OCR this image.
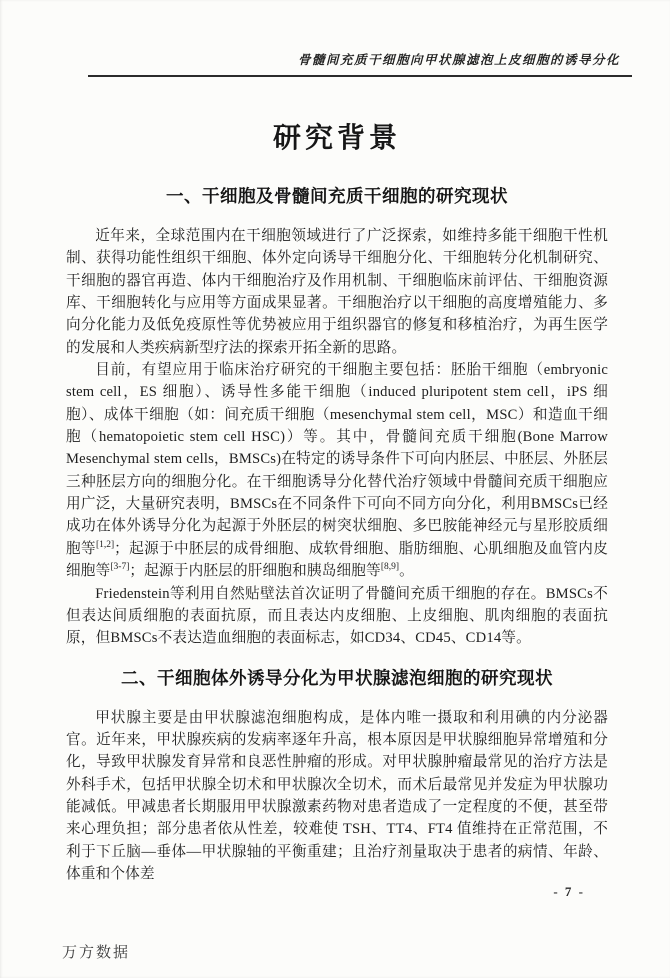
骨髓间充质干细胞向甲状腺滤泡上皮细胞的诱导分化
研究背景
一、干细胞及骨髓间充质干细胞的研究现状

近年来，全球范围内在干细胞领域进行了广泛探索，如维持多能干细胞干性机制、获得功能性组织干细胞、体外定向诱导干细胞分化、干细胞转分化机制研究、干细胞的器官再造、体内干细胞治疗及作用机制、干细胞临床前评估、干细胞资源库、干细胞转化与应用等方面成果显著。干细胞治疗以干细胞的高度增殖能力、多向分化能力及低免疫原性等优势被应用于组织器官的修复和移植治疗，为再生医学的发展和人类疾病新型疗法的探索开拓全新的思路。

目前，有望应用于临床治疗研究的干细胞主要包括：胚胎干细胞（embryonic stem cell，ES 细胞）、诱导性多能干细胞（induced pluripotent stem cell，iPS 细胞）、成体干细胞（如：间充质干细胞（mesenchymal stem cell，MSC）和造血干细胞（hematopoietic stem cell HSC)）等。其中，骨髓间充质干细胞(Bone Marrow Mesenchymal stem cells，BMSCs)在特定的诱导条件下可向内胚层、中胚层、外胚层三种胚层方向的细胞分化。在干细胞诱导分化替代治疗领域中骨髓间充质干细胞应用广泛，大量研究表明，BMSCs在不同条件下可向不同方向分化，利用BMSCs已经成功在体外诱导分化为起源于外胚层的树突状细胞、多巴胺能神经元与星形胶质细胞等[1,2]；起源于中胚层的成骨细胞、成软骨细胞、脂肪细胞、心肌细胞及血管内皮细胞等[3-7]；起源于内胚层的肝细胞和胰岛细胞等[8,9]。

Friedenstein等利用自然贴壁法首次证明了骨髓间充质干细胞的存在。BMSCs不但表达间质细胞的表面抗原，而且表达内皮细胞、上皮细胞、肌肉细胞的表面抗原，但BMSCs不表达造血细胞的表面标志，如CD34、CD45、CD14等。

二、干细胞体外诱导分化为甲状腺滤泡细胞的研究现状

甲状腺主要是由甲状腺滤泡细胞构成，是体内唯一摄取和利用碘的内分泌器官。近年来，甲状腺疾病的发病率逐年升高，根本原因是甲状腺细胞异常增殖和分化，导致甲状腺发育异常和良恶性肿瘤的形成。对甲状腺肿瘤最常见的治疗方法是外科手术，包括甲状腺全切术和甲状腺次全切术，而术后最常见并发症为甲状腺功能减低。甲减患者长期服用甲状腺激素药物对患者造成了一定程度的不便，甚至带来心理负担；部分患者依从性差，较难使 TSH、TT4、FT4 值维持在正常范围，不利于下丘脑—垂体—甲状腺轴的平衡重建；且治疗剂量取决于患者的病情、年龄、体重和个体差

- 7 -
万方数据
